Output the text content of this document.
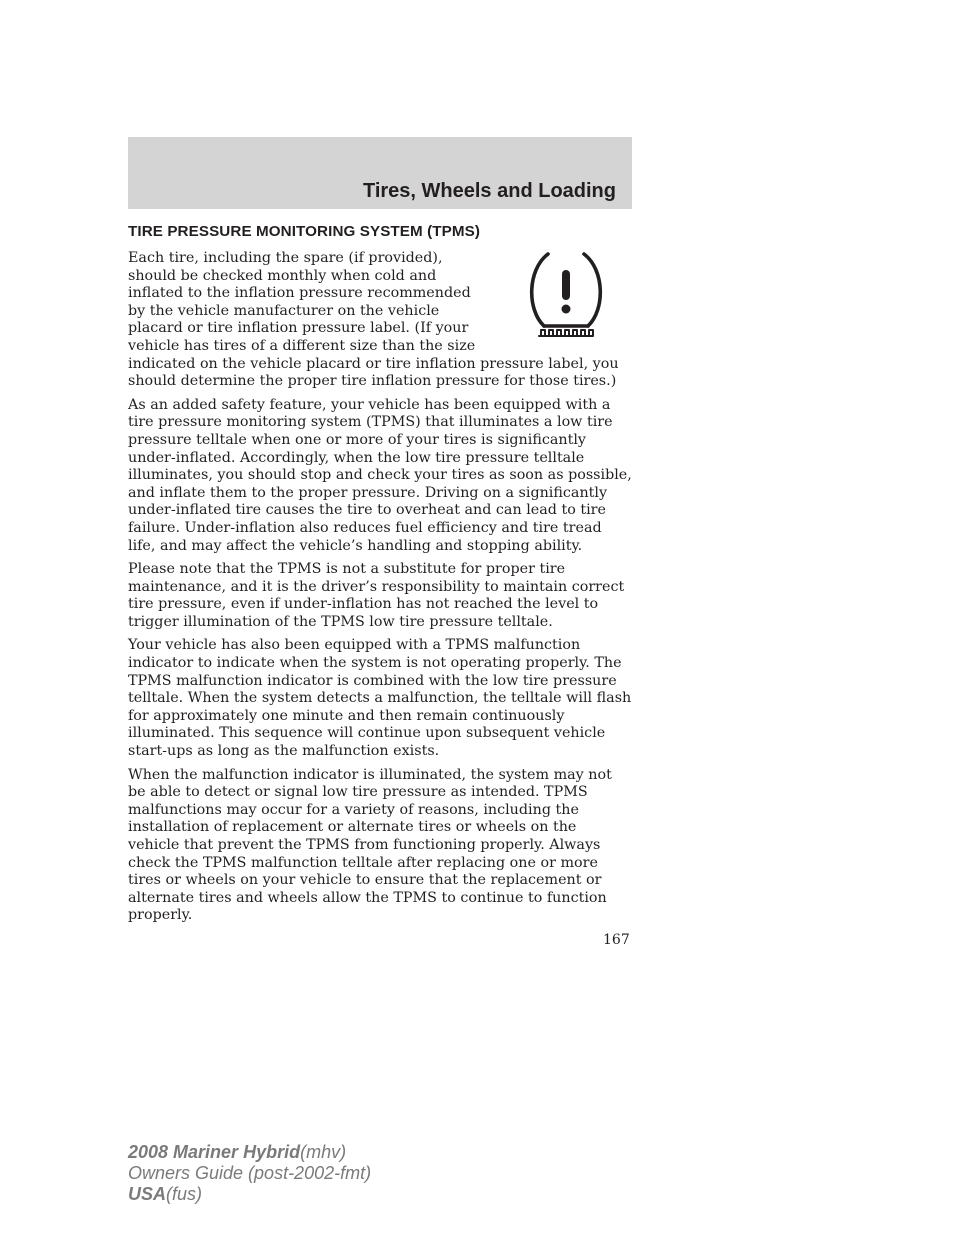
Tires, Wheels and Loading
TIRE PRESSURE MONITORING SYSTEM (TPMS)

Each tire, including the spare (if provided), should be checked monthly when cold and inflated to the inflation pressure recommended by the vehicle manufacturer on the vehicle placard or tire inflation pressure label. (If your vehicle has tires of a different size than the size indicated on the vehicle placard or tire inflation pressure label, you should determine the proper tire inflation pressure for those tires.)

As an added safety feature, your vehicle has been equipped with a tire pressure monitoring system (TPMS) that illuminates a low tire pressure telltale when one or more of your tires is significantly under-inflated. Accordingly, when the low tire pressure telltale illuminates, you should stop and check your tires as soon as possible, and inflate them to the proper pressure. Driving on a significantly under-inflated tire causes the tire to overheat and can lead to tire failure. Under-inflation also reduces fuel efficiency and tire tread life, and may affect the vehicle’s handling and stopping ability.

Please note that the TPMS is not a substitute for proper tire maintenance, and it is the driver’s responsibility to maintain correct tire pressure, even if under-inflation has not reached the level to trigger illumination of the TPMS low tire pressure telltale.

Your vehicle has also been equipped with a TPMS malfunction indicator to indicate when the system is not operating properly. The TPMS malfunction indicator is combined with the low tire pressure telltale. When the system detects a malfunction, the telltale will flash for approximately one minute and then remain continuously illuminated. This sequence will continue upon subsequent vehicle start-ups as long as the malfunction exists.

When the malfunction indicator is illuminated, the system may not be able to detect or signal low tire pressure as intended. TPMS malfunctions may occur for a variety of reasons, including the installation of replacement or alternate tires or wheels on the vehicle that prevent the TPMS from functioning properly. Always check the TPMS malfunction telltale after replacing one or more tires or wheels on your vehicle to ensure that the replacement or alternate tires and wheels allow the TPMS to continue to function properly.

167
2008 Mariner Hybrid(mhv)
Owners Guide (post-2002-fmt)
USA(fus)
